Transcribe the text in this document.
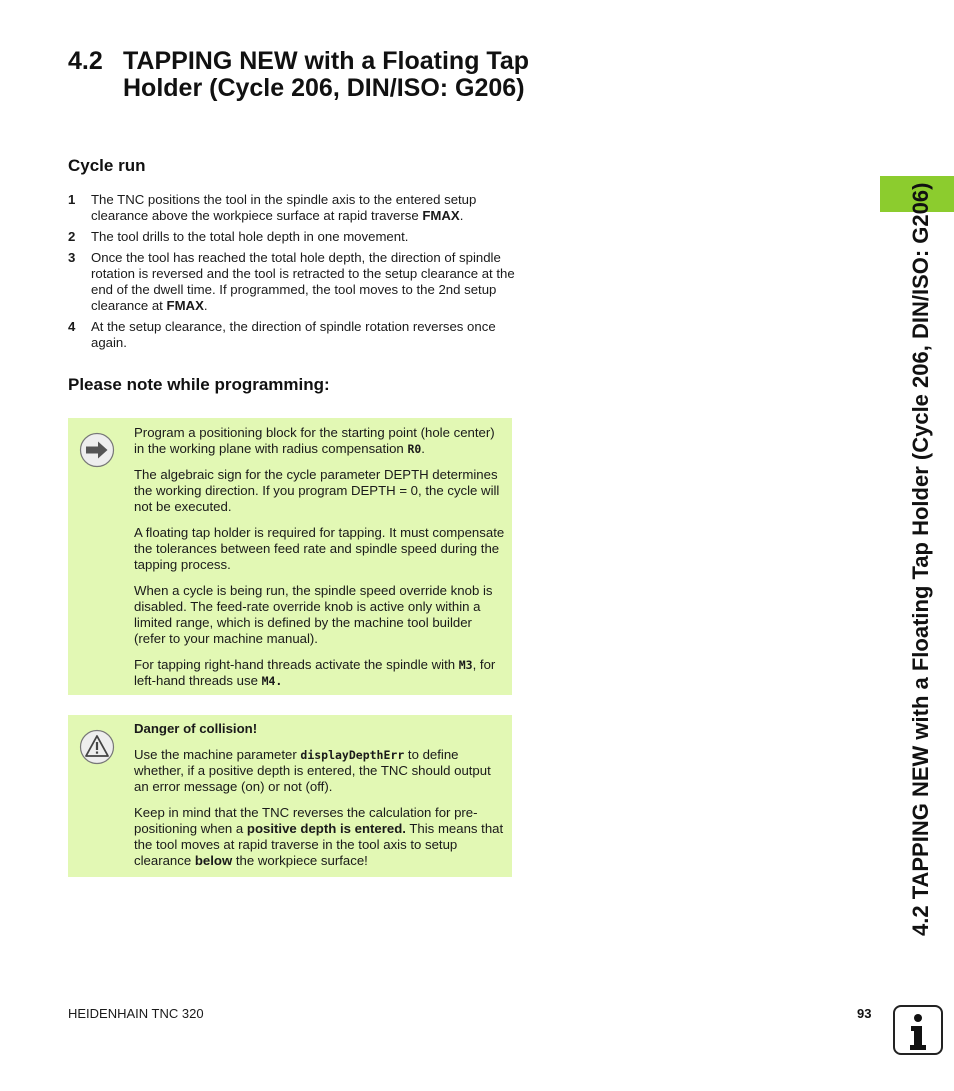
4.2 TAPPING NEW with a Floating Tap Holder (Cycle 206, DIN/ISO: G206)
Cycle run
1 The TNC positions the tool in the spindle axis to the entered setup clearance above the workpiece surface at rapid traverse FMAX.
2 The tool drills to the total hole depth in one movement.
3 Once the tool has reached the total hole depth, the direction of spindle rotation is reversed and the tool is retracted to the setup clearance at the end of the dwell time. If programmed, the tool moves to the 2nd setup clearance at FMAX.
4 At the setup clearance, the direction of spindle rotation reverses once again.
Please note while programming:

Program a positioning block for the starting point (hole center) in the working plane with radius compensation R0.

The algebraic sign for the cycle parameter DEPTH determines the working direction. If you program DEPTH = 0, the cycle will not be executed.

A floating tap holder is required for tapping. It must compensate the tolerances between feed rate and spindle speed during the tapping process.

When a cycle is being run, the spindle speed override knob is disabled. The feed-rate override knob is active only within a limited range, which is defined by the machine tool builder (refer to your machine manual).

For tapping right-hand threads activate the spindle with M3, for left-hand threads use M4.

Danger of collision!

Use the machine parameter displayDepthErr to define whether, if a positive depth is entered, the TNC should output an error message (on) or not (off).

Keep in mind that the TNC reverses the calculation for pre-positioning when a positive depth is entered. This means that the tool moves at rapid traverse in the tool axis to setup clearance below the workpiece surface!	4.2 TAPPING NEW with a Floating Tap Holder (Cycle 206, DIN/ISO: G206)
HEIDENHAIN TNC 320	93
